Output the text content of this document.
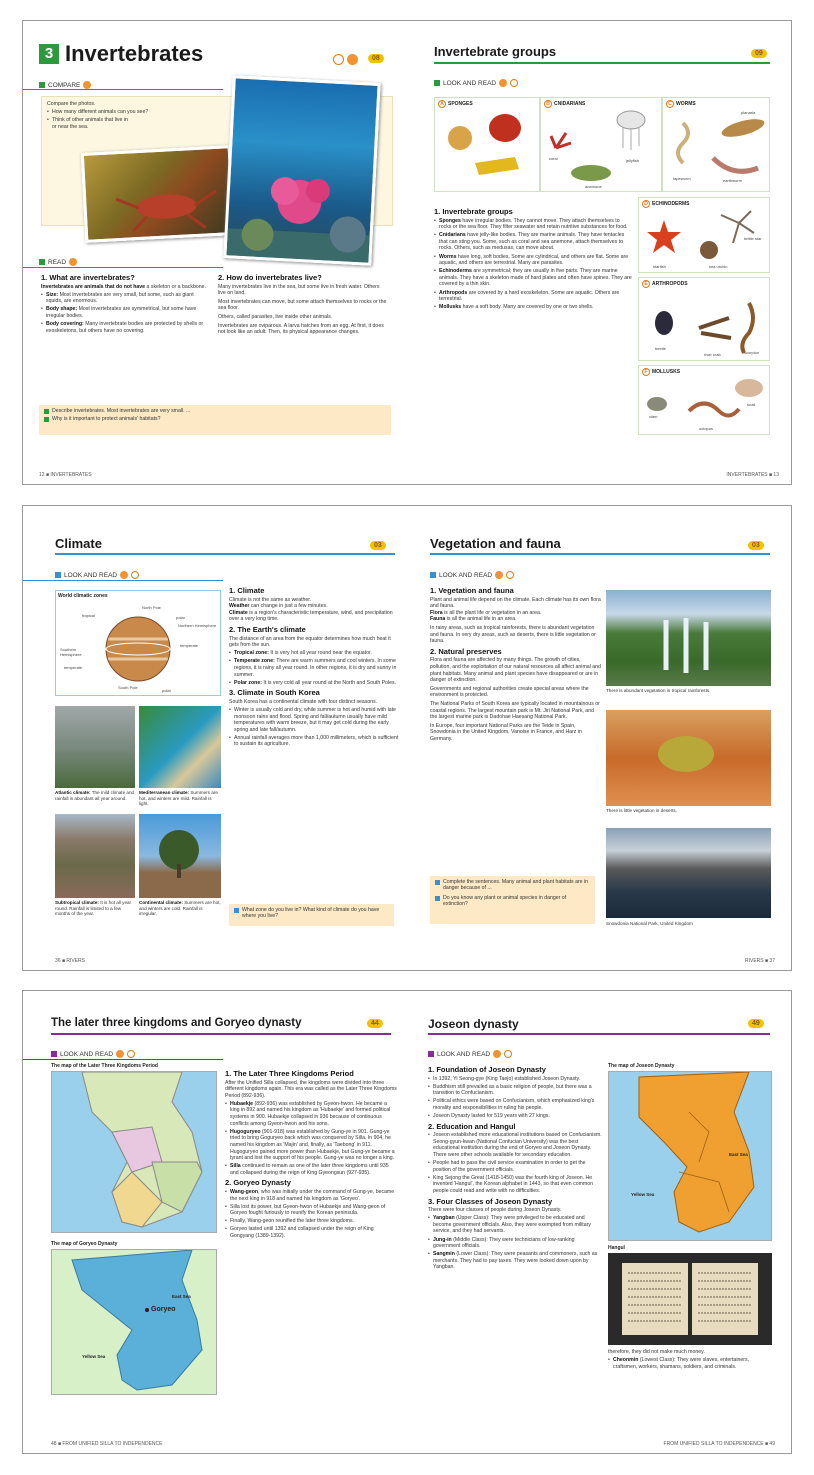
3 Invertebrates	08
COMPARE
Compare the photos.
• How many different animals can you see?
• Think of other animals that live in
or near the sea.
READ
1. What are invertebrates?
Invertebrates are animals that do not have a skeleton or a backbone.
• Size: Most invertebrates are very small, but some, such as giant squids, are enormous.
• Body shape: Most invertebrates are symmetrical, but some have irregular bodies.
• Body covering: Many invertebrate bodies are protected by shells or exoskeletons, but others have no covering.
2. How do invertebrates live?
Many invertebrates live in the sea, but some live in fresh water. Others live on land.
Most invertebrates can move, but some attach themselves to rocks or the sea floor.
Others, called parasites, live inside other animals.
Invertebrates are oviparous. A larva hatches from an egg. At first, it does not look like an adult. Then, its physical appearance changes.
Describe invertebrates. Most invertebrates are very small. ...
Why is it important to protect animals' habitats?
12 ■ INVERTEBRATES
Invertebrate groups	09
LOOK AND READ
A SPONGES	B CNIDARIANS
coral	jellyfish
anemone
C WORMS
planaria
tapeworm	earthworm
D ECHINODERMS
brittle star
starfish	sea urchin
E ARTHROPODS
beetle
river crab	scorpion
F MOLLUSKS
snail
clam
octopus
1. Invertebrate groups
• Sponges have irregular bodies. They cannot move. They attach themselves to rocks or the sea floor. They filter seawater and retain nutritive substances for food.
• Cnidarians have jelly-like bodies. They are marine animals. They have tentacles that can sting you. Some, such as coral and sea anemone, attach themselves to rocks. Others, such as medusas, can move about.
• Worms have long, soft bodies. Some are cylindrical, and others are flat. Some are aquatic, and others are terrestrial. Many are parasites.
• Echinoderms are symmetrical; they are usually in five parts. They are marine animals. They have a skeleton made of hard plates and often have spines. They are covered by a thin skin.
• Arthropods are covered by a hard exoskeleton. Some are aquatic. Others are terrestrial.
• Mollusks have a soft body. Many are covered by one or two shells.
INVERTEBRATES ■ 13
Climate	03
LOOK AND READ
World climatic zones
tropical
North Pole
polar
Northern Hemisphere
temperate
Southern Hemisphere
temperate
South Pole
polar
Atlantic climate: The mild climate and rainfall is abundant all year around.
Mediterranean climate: Summers are hot, and winters are mild. Rainfall is light.
Subtropical climate: It is hot all year round. Rainfall is limited to a few months of the year.
Continental climate: Summers are hot, and winters are cold. Rainfall is irregular.
1. Climate
Climate is not the same as weather.
Weather can change in just a few minutes.
Climate is a region's characteristic temperature, wind, and precipitation over a very long time.
2. The Earth's climate
The distance of an area from the equator determines how much heat it gets from the sun.
• Tropical zone: It is very hot all year round near the equator.
• Temperate zone: There are warm summers and cool winters. In some regions, it is rainy all year round. In other regions, it is dry and sunny in summer.
• Polar zone: It is very cold all year round at the North and South Poles.
3. Climate in South Korea
South Korea has a continental climate with four distinct seasons.
• Winter is usually cold and dry, while summer is hot and humid with late monsoon rains and flood. Spring and fall/autumn usually have mild temperatures with warm breeze, but it may get cold during the early spring and late fall/autumn.
• Annual rainfall averages more than 1,000 millimeters, which is sufficient to sustain its agriculture.
What zone do you live in? What kind of climate do you have where you live?
36 ■ RIVERS
Vegetation and fauna	03
LOOK AND READ
1. Vegetation and fauna
Plant and animal life depend on the climate. Each climate has its own flora and fauna.
Flora is all the plant life or vegetation in an area.
Fauna is all the animal life in an area.
In rainy areas, such as tropical rainforests, there is abundant vegetation and fauna. In very dry areas, such as deserts, there is little vegetation or fauna.
2. Natural preserves
Flora and fauna are affected by many things. The growth of cities, pollution, and the exploitation of our natural resources all affect animal and plant habitats. Many animal and plant species have disappeared or are in danger of extinction.
Governments and regional authorities create special areas where the environment is protected.
The National Parks of South Korea are typically located in mountainous or coastal regions. The largest mountain park is Mt. Jiri National Park, and the largest marine park is Dadohae Haesang National Park.
In Europe, four important National Parks are the Teide in Spain, Snowdonia in the United Kingdom, Vanoise in France, and Harz in Germany.
Complete the sentences. Many animal and plant habitats are in danger because of ...
Do you know any plant or animal species in danger of extinction?
There is abundant vegetation in tropical rainforests.
There is little vegetation in deserts.
Snowdonia National Park, United Kingdom
RIVERS ■ 37
The later three kingdoms and Goryeo dynasty	44
LOOK AND READ
The map of the Later Three Kingdoms Period
The map of Goryeo Dynasty
East Sea
Yellow Sea
Goryeo
1. The Later Three Kingdoms Period
After the Unified Silla collapsed, the kingdoms were divided into three different kingdoms again. This era was called as the Later Three Kingdoms Period (892-936).
• Hubaekje (892-936) was established by Gyeon-hwon. He became a king in 892 and named his kingdom as 'Hubaekje' and formed political systems in 900. Hubaekje collapsed in 936 because of continuous conflicts among Gyeon-hwon and his sons.
• Hugoguryeo (901-918) was established by Gung-ye in 901. Gung-ye tried to bring Goguryeo back which was conquered by Silla. In 904, he named his kingdom as 'Majin' and, finally, as 'Taebong' in 911. Hugoguryeo gained more power than Hubaekje, but Gung-ye became a tyrant and lost the support of his people. Gung-ye was no longer a king.
• Silla continued to remain as one of the later three kingdoms until 935 and collapsed during the reign of King Gyeongsun (927-935).
2. Goryeo Dynasty
• Wang-geon, who was initially under the command of Gung-ye, became the next king in 918 and named his kingdom as 'Goryeo'.
• Silla lost its power, but Gyeon-hwon of Hubaekje and Wang-geon of Goryeo fought furiously to reunify the Korean peninsula.
• Finally, Wang-geon reunified the later three kingdoms.
• Goryeo lasted until 1392 and collapsed under the reign of King Gongyang (1389-1392).
48 ■ FROM UNIFIED SILLA TO INDEPENDENCE
Joseon dynasty	49
LOOK AND READ
1. Foundation of Joseon Dynasty
• In 1392, Yi Seong-gye (King Taejo) established Joseon Dynasty.
• Buddhism still prevailed as a basic religion of people, but there was a transition to Confucianism.
• Political ethics were based on Confucianism, which emphasized king's morality and responsibilities in ruling his people.
• Joseon Dynasty lasted for 519 years with 27 kings.
2. Education and Hangul
• Joseon established more educational institutions based on Confucianism. Seong-gyun-kwan (National Confucian University) was the best educational institution during the end of Goryeo and Joseon Dynasty. There were other schools available for secondary education.
• People had to pass the civil service examination in order to get the position of the government officials.
• King Sejong the Great (1418-1450) was the fourth king of Joseon. He invented 'Hangul', the Korean alphabet in 1443, so that even common people could read and write with no difficulties.
3. Four Classes of Joseon Dynasty
There were four classes of people during Joseon Dynasty.
• Yangban (Upper Class): They were privileged to be educated and become government officials. Also, they were exempted from military service, and they had servants.
• Jung-in (Middle Class): They were technicians of low-ranking government officials.
• Sangmin (Lower Class): They were peasants and commoners, such as merchants. They had to pay taxes. They were looked down upon by Yangban.
The map of Joseon Dynasty
East Sea
Yellow Sea
Hangul
therefore, they did not make much money.
• Cheonmin (Lowest Class): They were slaves, entertainers, craftsmen, workers, shamans, soldiers, and criminals.
FROM UNIFIED SILLA TO INDEPENDENCE ■ 49
